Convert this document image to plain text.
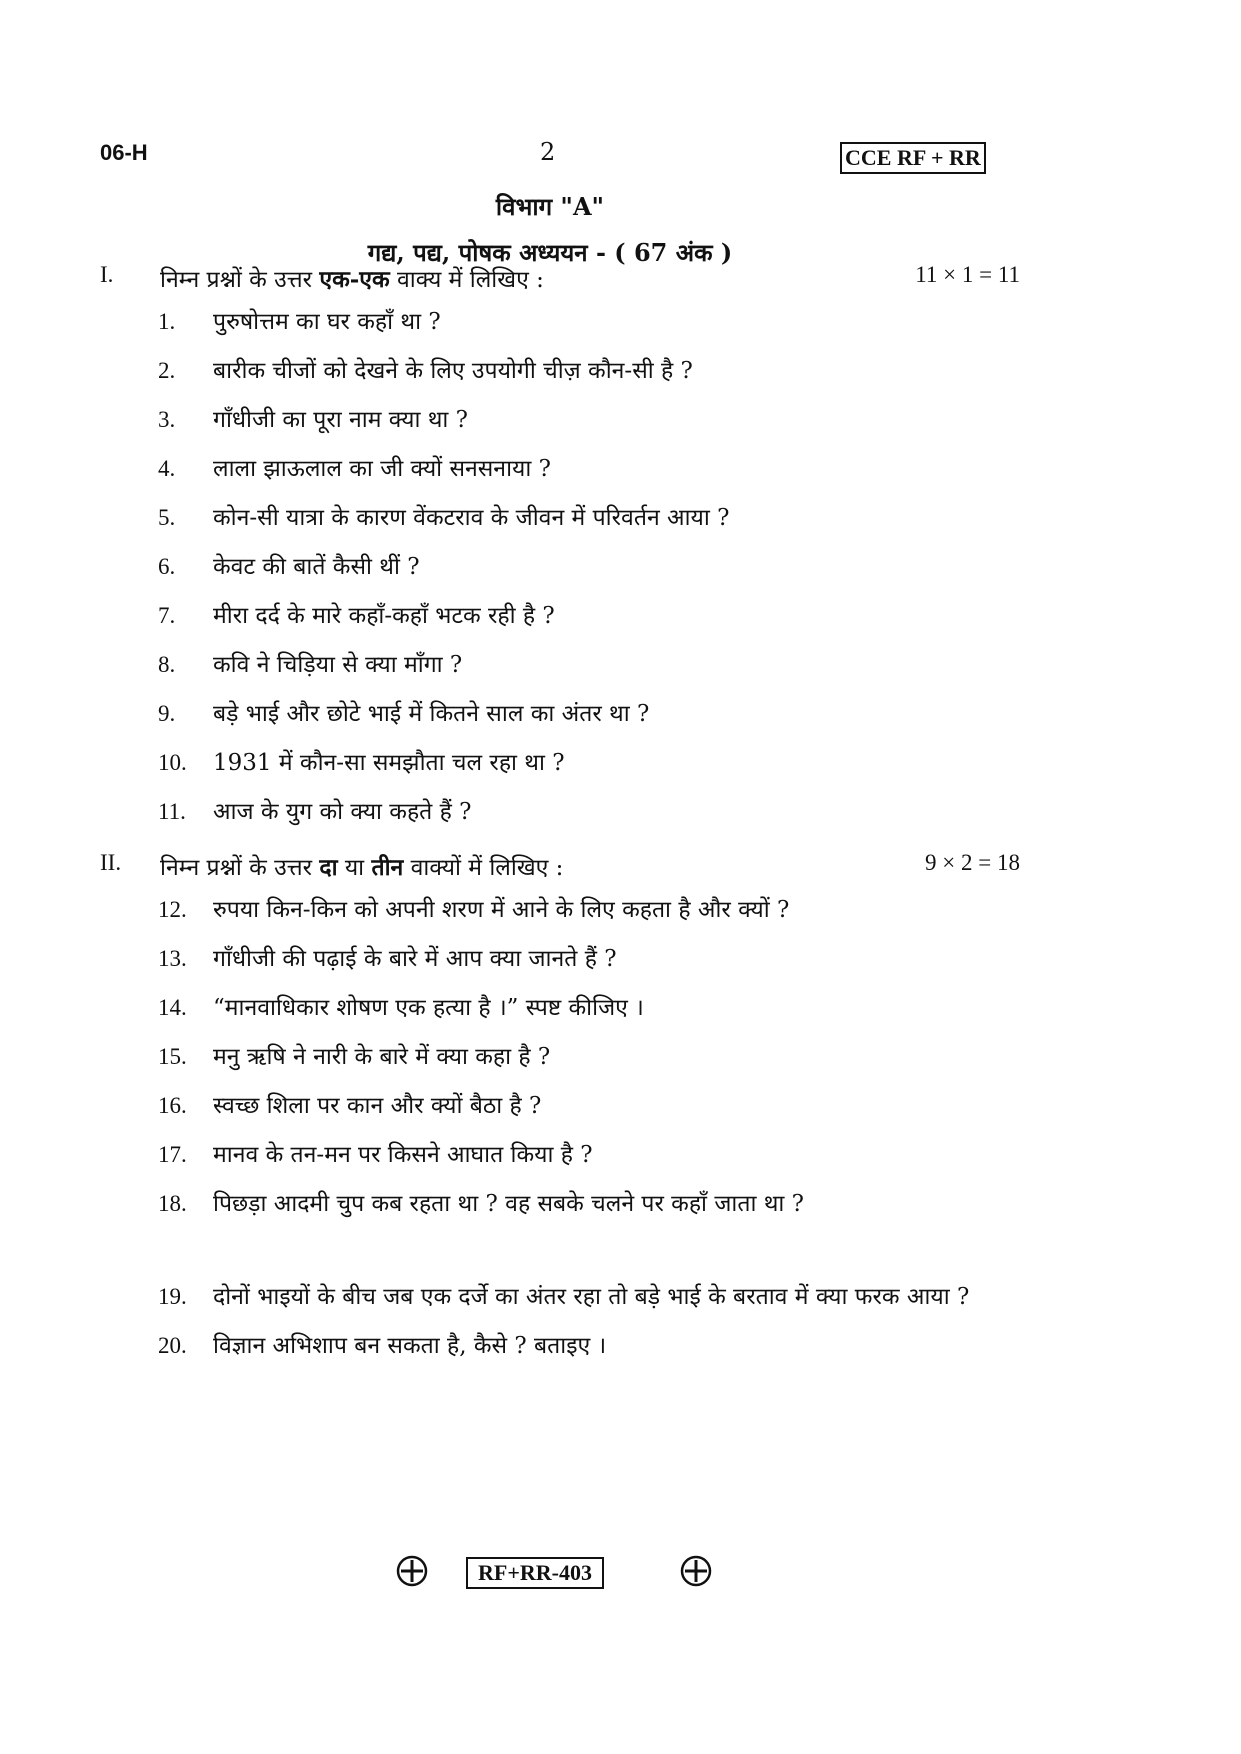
06-H	2	CCE RF + RR
विभाग "A"
गद्य, पद्य, पोषक अध्ययन - ( 67 अंक )
I. निम्न प्रश्नों के उत्तर एक-एक वाक्य में लिखिए :	11 × 1 = 11
1. पुरुषोत्तम का घर कहाँ था ?
2. बारीक चीजों को देखने के लिए उपयोगी चीज़ कौन-सी है ?
3. गाँधीजी का पूरा नाम क्या था ?
4. लाला झाऊलाल का जी क्यों सनसनाया ?
5. कोन-सी यात्रा के कारण वेंकटराव के जीवन में परिवर्तन आया ?
6. केवट की बातें कैसी थीं ?
7. मीरा दर्द के मारे कहाँ-कहाँ भटक रही है ?
8. कवि ने चिड़िया से क्या माँगा ?
9. बड़े भाई और छोटे भाई में कितने साल का अंतर था ?
10. 1931 में कौन-सा समझौता चल रहा था ?
11. आज के युग को क्या कहते हैं ?
II. निम्न प्रश्नों के उत्तर दा या तीन वाक्यों में लिखिए :	9 × 2 = 18
12. रुपया किन-किन को अपनी शरण में आने के लिए कहता है और क्यों ?
13. गाँधीजी की पढ़ाई के बारे में आप क्या जानते हैं ?
14. “मानवाधिकार शोषण एक हत्या है ।” स्पष्ट कीजिए ।
15. मनु ऋषि ने नारी के बारे में क्या कहा है ?
16. स्वच्छ शिला पर कान और क्यों बैठा है ?
17. मानव के तन-मन पर किसने आघात किया है ?
18. पिछड़ा आदमी चुप कब रहता था ? वह सबके चलने पर कहाँ जाता था ?
19. दोनों भाइयों के बीच जब एक दर्जे का अंतर रहा तो बड़े भाई के बरताव में क्या फरक आया ?
20. विज्ञान अभिशाप बन सकता है, कैसे ? बताइए ।
RF+RR-403
